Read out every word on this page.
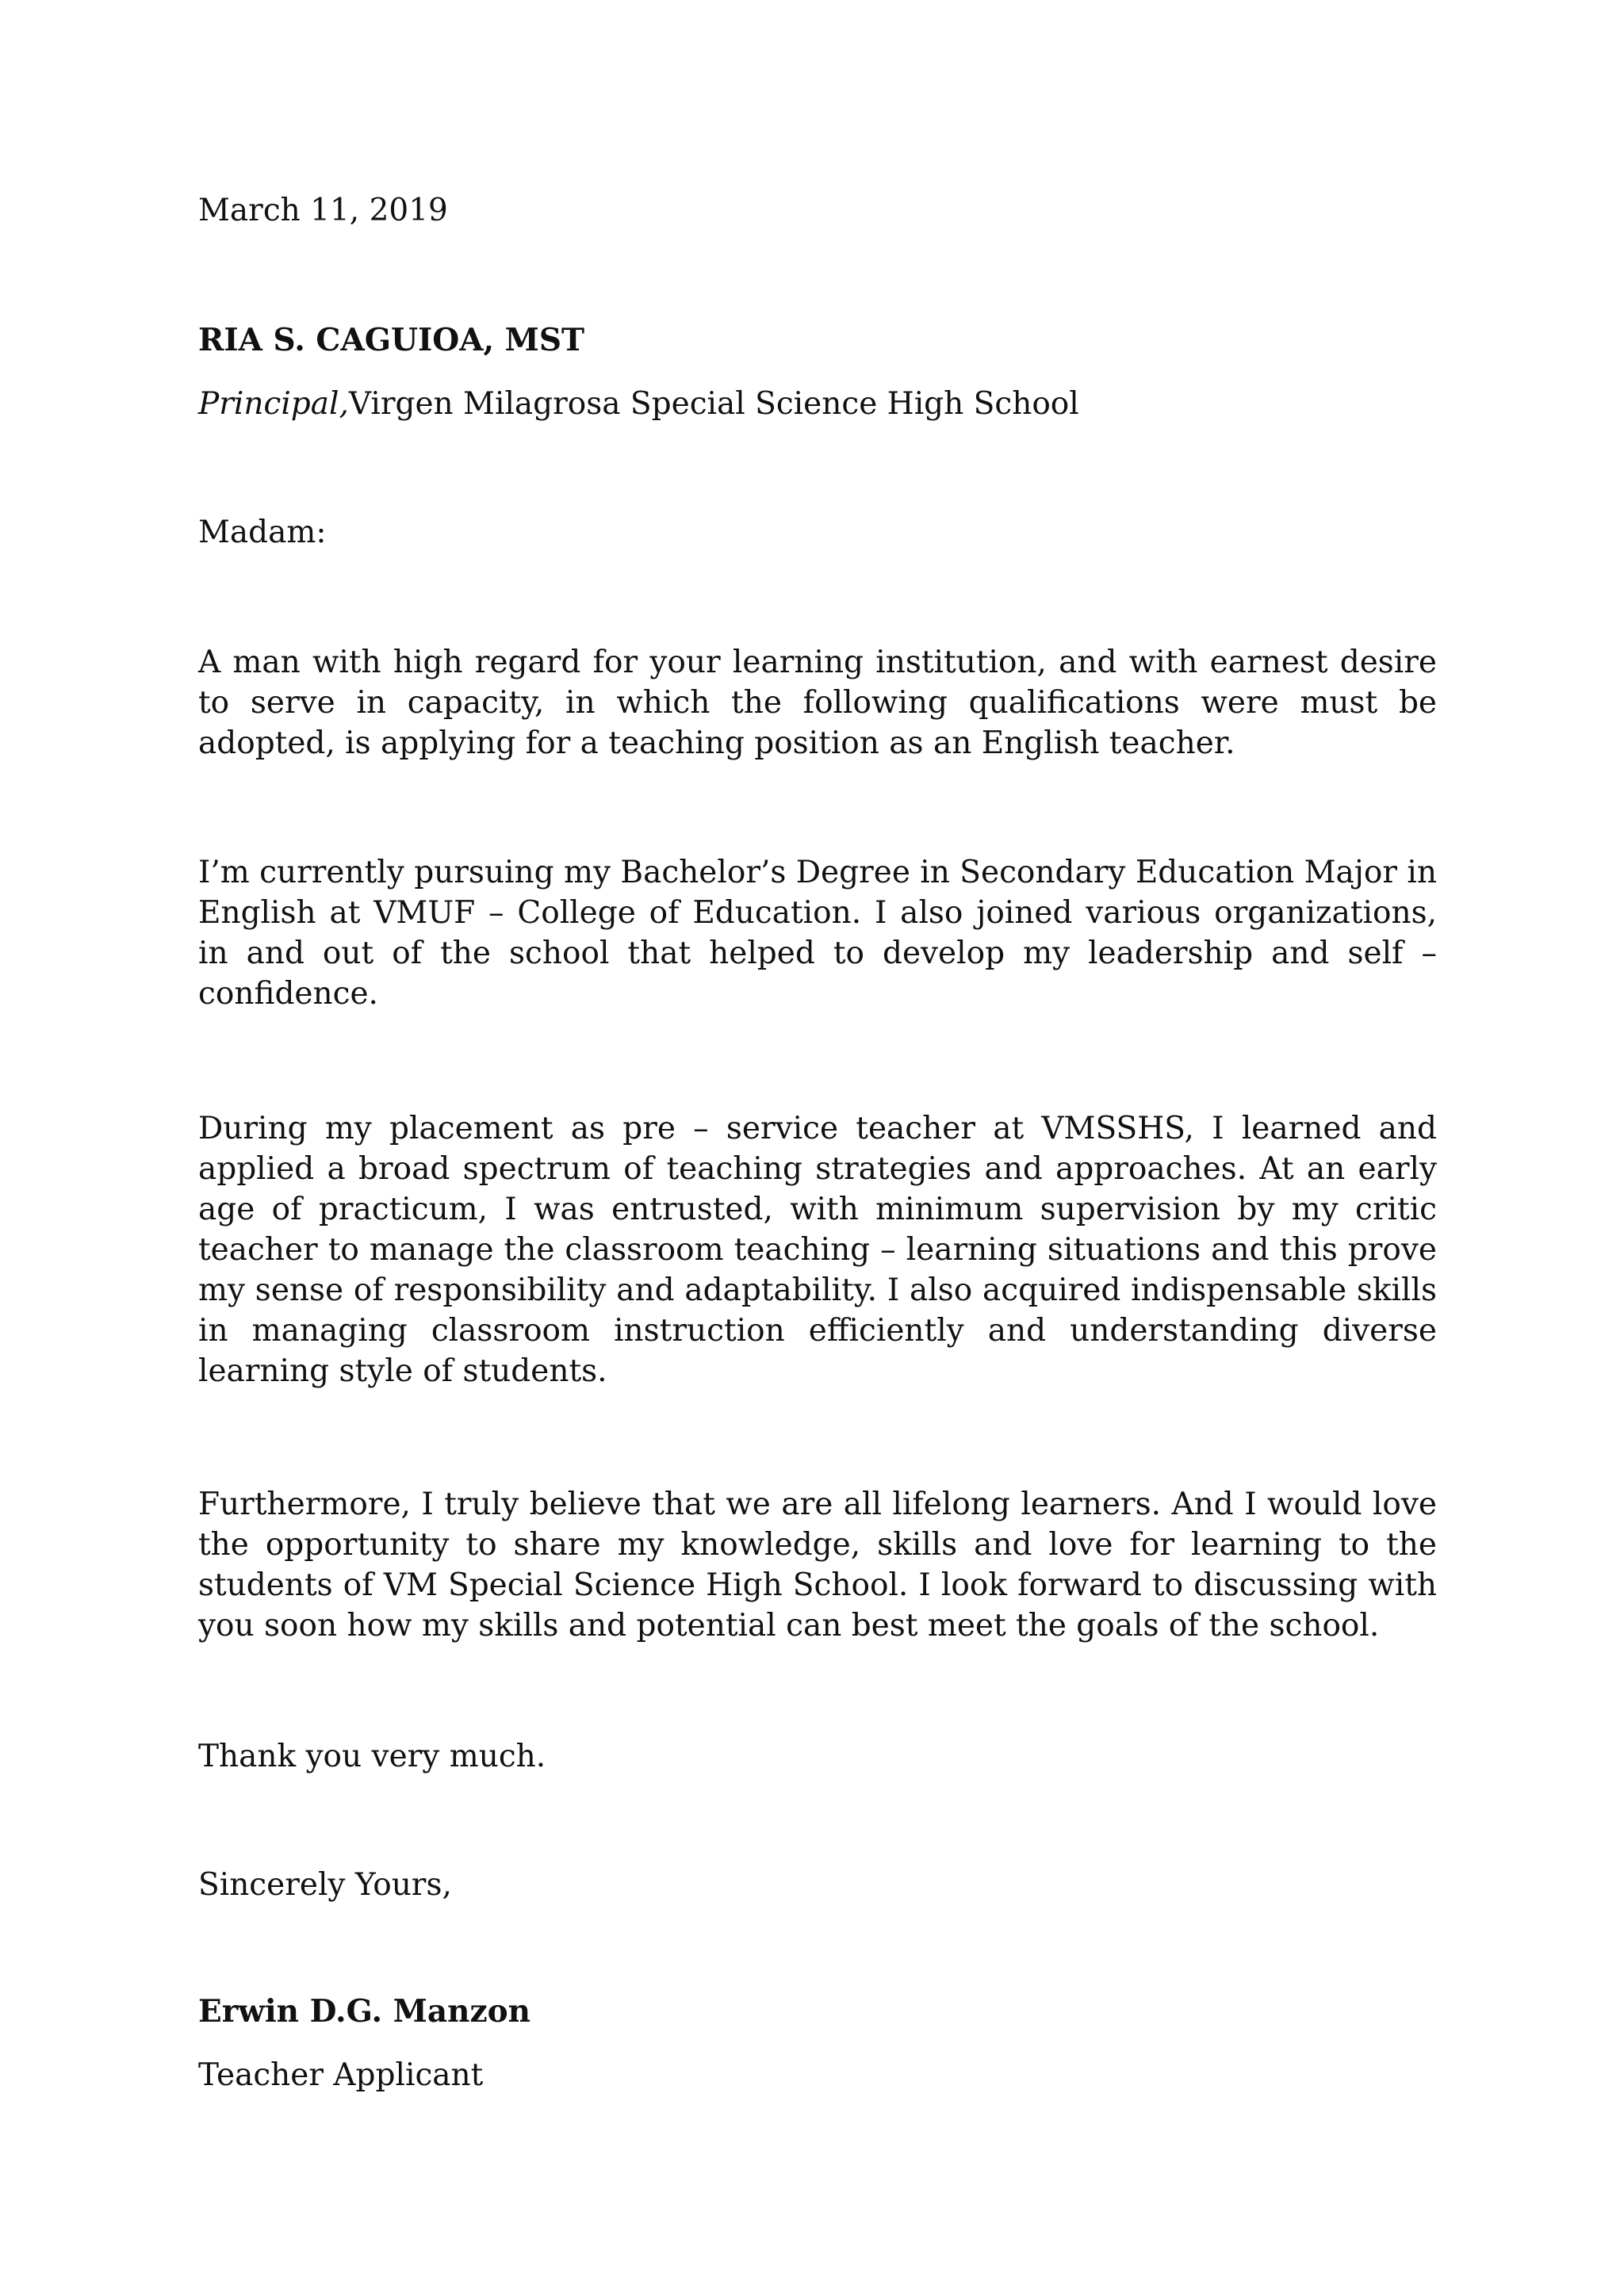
March 11, 2019

RIA S. CAGUIOA, MST

Principal,Virgen Milagrosa Special Science High School

Madam:

A man with high regard for your learning institution, and with earnest desire to serve in capacity, in which the following qualifications were must be adopted, is applying for a teaching position as an English teacher.

I’m currently pursuing my Bachelor’s Degree in Secondary Education Major in English at VMUF – College of Education. I also joined various organizations, in and out of the school that helped to develop my leadership and self – confidence.

During my placement as pre – service teacher at VMSSHS, I learned and applied a broad spectrum of teaching strategies and approaches. At an early age of practicum, I was entrusted, with minimum supervision by my critic teacher to manage the classroom teaching – learning situations and this prove my sense of responsibility and adaptability. I also acquired indispensable skills in managing classroom instruction efficiently and understanding diverse learning style of students.

Furthermore, I truly believe that we are all lifelong learners. And I would love the opportunity to share my knowledge, skills and love for learning to the students of VM Special Science High School. I look forward to discussing with you soon how my skills and potential can best meet the goals of the school.

Thank you very much.

Sincerely Yours,

Erwin D.G. Manzon

Teacher Applicant
